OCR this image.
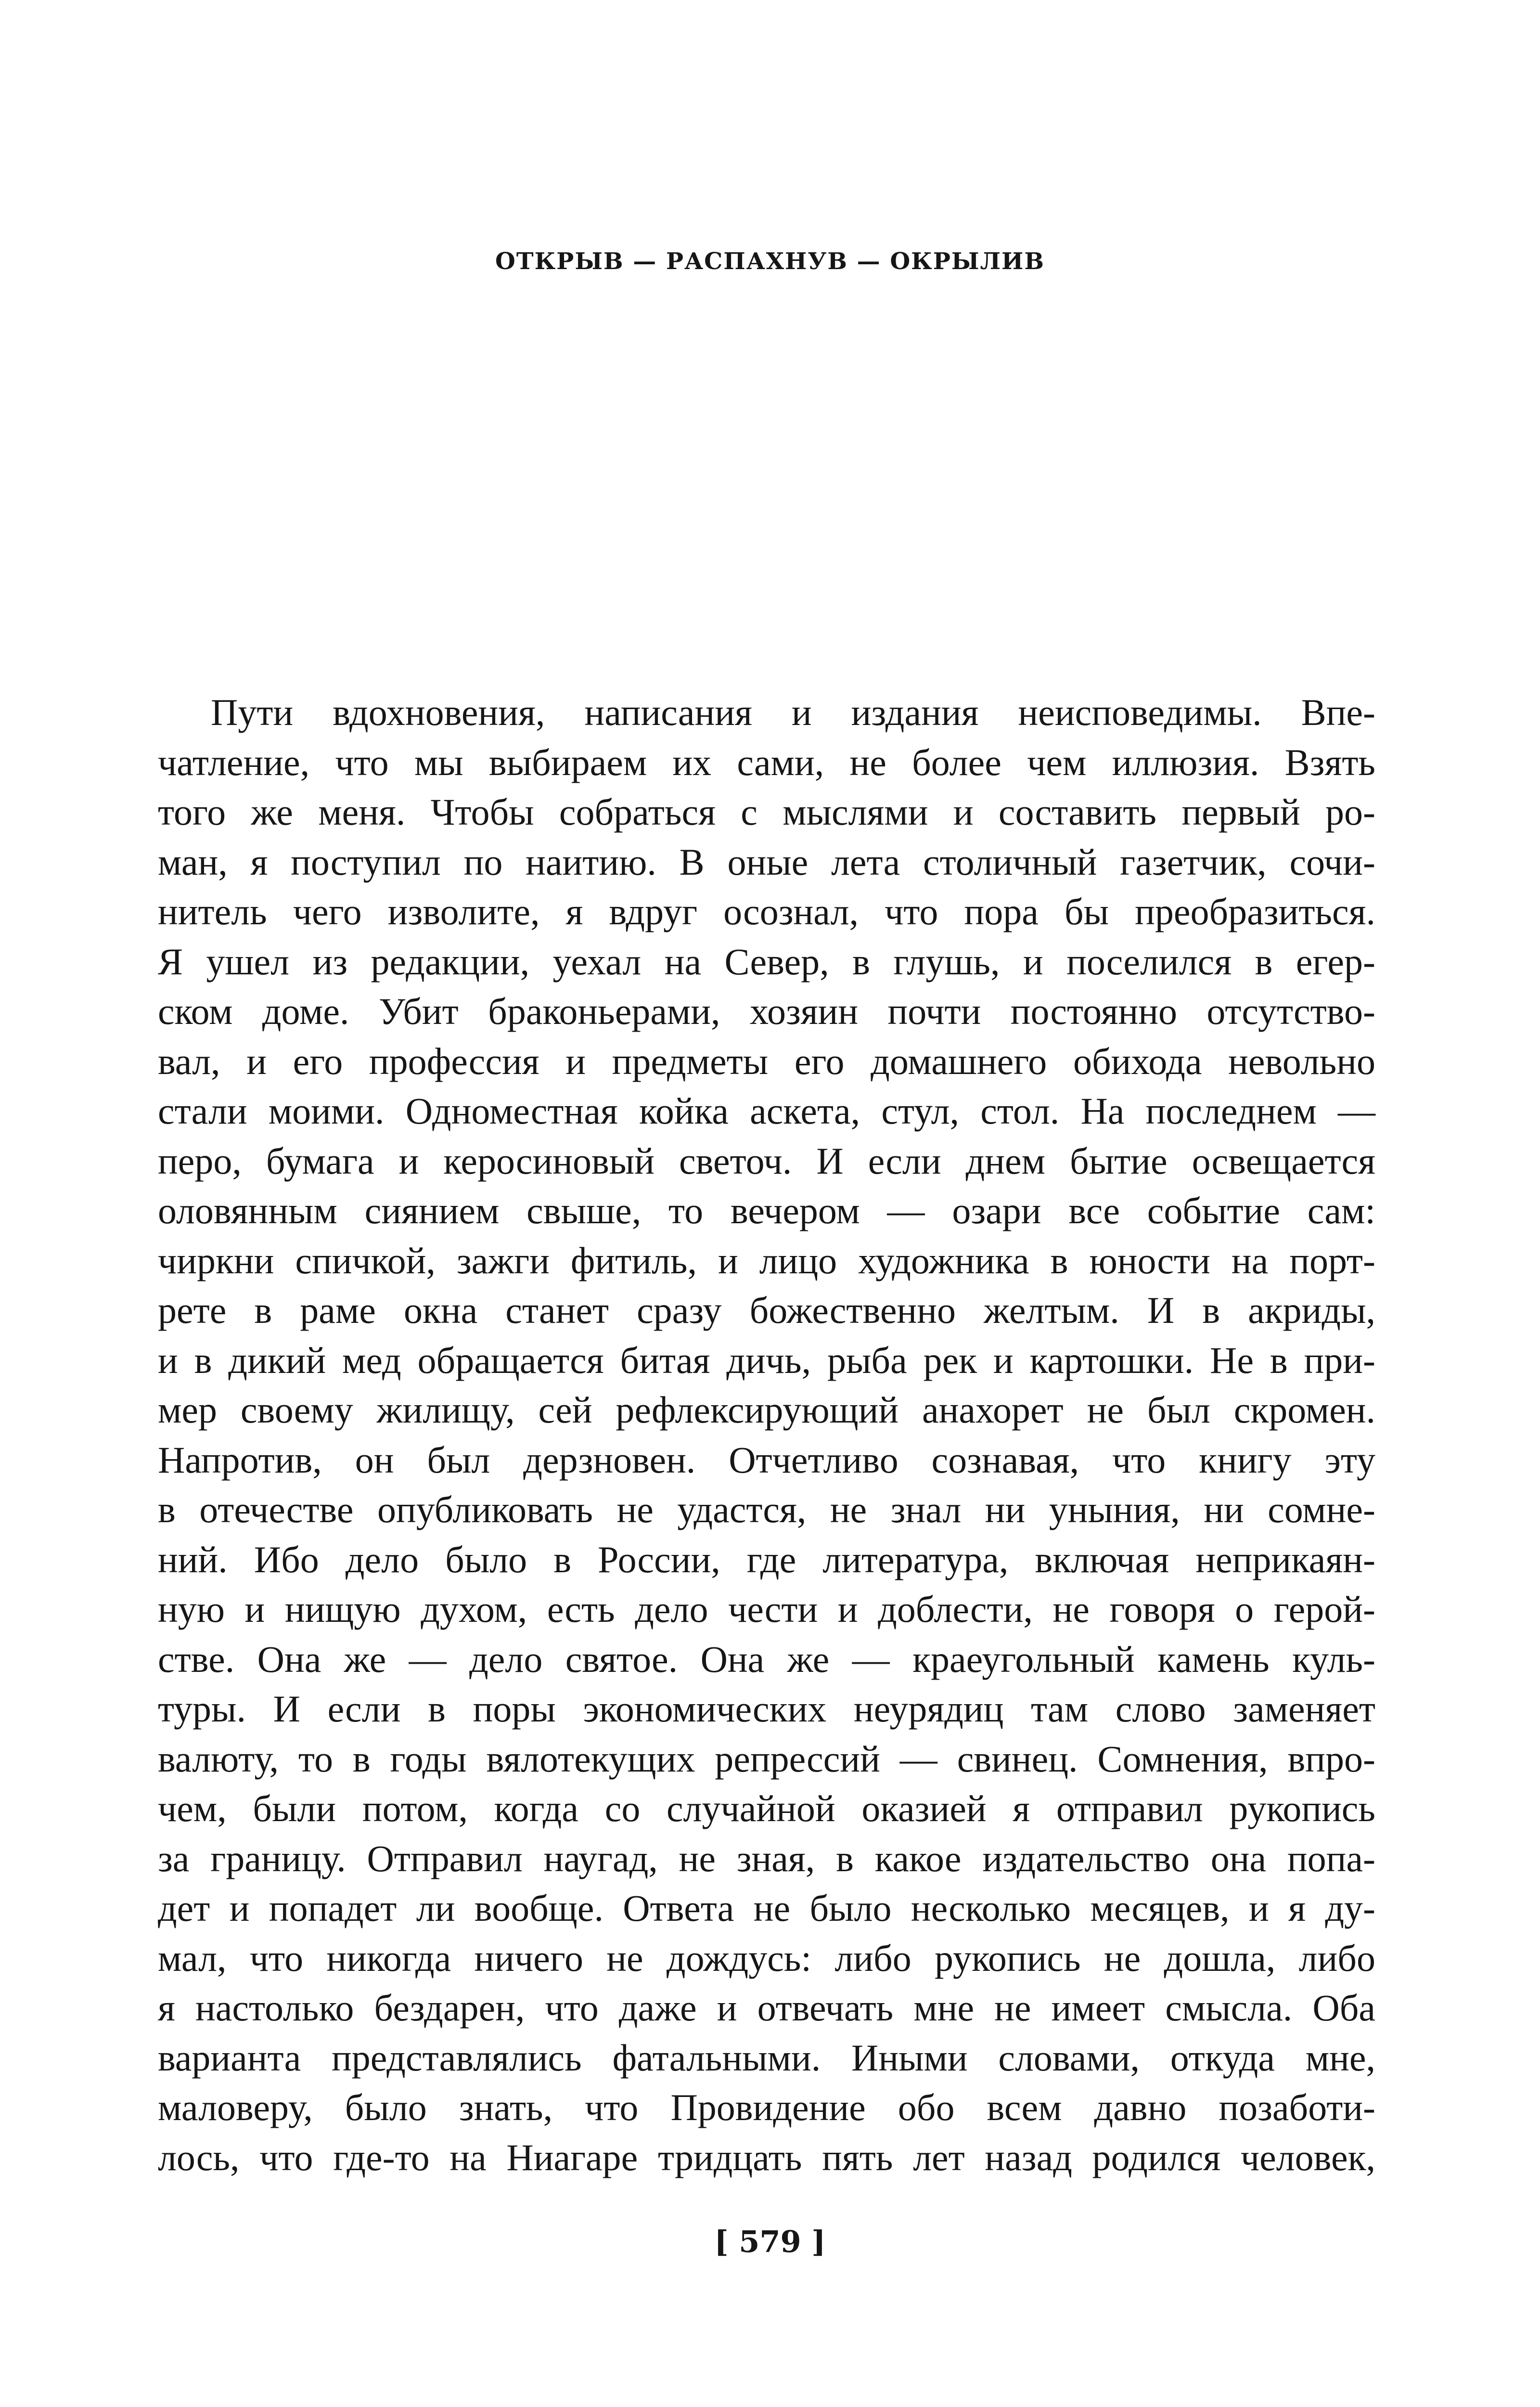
ОТКРЫВ — РАСПАХНУВ — ОКРЫЛИВ

Пути вдохновения, написания и издания неисповедимы. Впе-
чатление, что мы выбираем их сами, не более чем иллюзия. Взять
того же меня. Чтобы собраться с мыслями и составить первый ро-
ман, я поступил по наитию. В оные лета столичный газетчик, сочи-
нитель чего изволите, я вдруг осознал, что пора бы преобразиться.
Я ушел из редакции, уехал на Север, в глушь, и поселился в егер-
ском доме. Убит браконьерами, хозяин почти постоянно отсутство-
вал, и его профессия и предметы его домашнего обихода невольно
стали моими. Одноместная койка аскета, стул, стол. На последнем —
перо, бумага и керосиновый светоч. И если днем бытие освещается
оловянным сиянием свыше, то вечером — озари все событие сам:
чиркни спичкой, зажги фитиль, и лицо художника в юности на порт-
рете в раме окна станет сразу божественно желтым. И в акриды,
и в дикий мед обращается битая дичь, рыба рек и картошки. Не в при-
мер своему жилищу, сей рефлексирующий анахорет не был скромен.
Напротив, он был дерзновен. Отчетливо сознавая, что книгу эту
в отечестве опубликовать не удастся, не знал ни уныния, ни сомне-
ний. Ибо дело было в России, где литература, включая неприкаян-
ную и нищую духом, есть дело чести и доблести, не говоря о герой-
стве. Она же — дело святое. Она же — краеугольный камень куль-
туры. И если в поры экономических неурядиц там слово заменяет
валюту, то в годы вялотекущих репрессий — свинец. Сомнения, впро-
чем, были потом, когда со случайной оказией я отправил рукопись
за границу. Отправил наугад, не зная, в какое издательство она попа-
дет и попадет ли вообще. Ответа не было несколько месяцев, и я ду-
мал, что никогда ничего не дождусь: либо рукопись не дошла, либо
я настолько бездарен, что даже и отвечать мне не имеет смысла. Оба
варианта представлялись фатальными. Иными словами, откуда мне,
маловеру, было знать, что Провидение обо всем давно позаботи-
лось, что где-то на Ниагаре тридцать пять лет назад родился человек,

[ 579 ]
